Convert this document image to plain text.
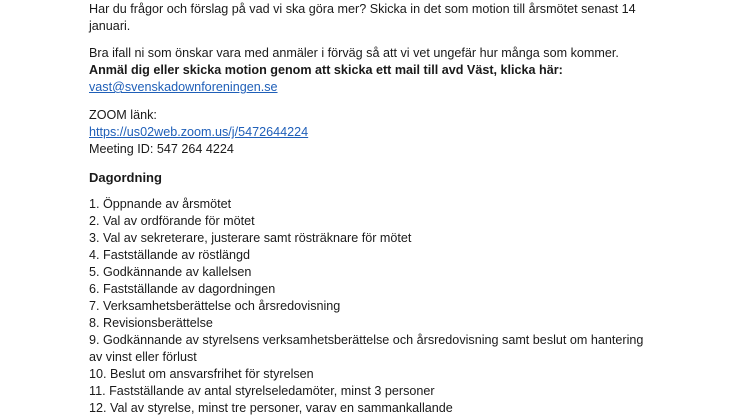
Har du frågor och förslag på vad vi ska göra mer? Skicka in det som motion till årsmötet senast 14

januari.

Bra ifall ni som önskar vara med anmäler i förväg så att vi vet ungefär hur många som kommer.

Anmäl dig eller skicka motion genom att skicka ett mail till avd Väst, klicka här:

vast@svenskadownforeningen.se

ZOOM länk:

https://us02web.zoom.us/j/5472644224

Meeting ID: 547 264 4224

Dagordning

1. Öppnande av årsmötet
2. Val av ordförande för mötet
3. Val av sekreterare, justerare samt rösträknare för mötet
4. Fastställande av röstlängd
5. Godkännande av kallelsen
6. Fastställande av dagordningen
7. Verksamhetsberättelse och årsredovisning
8. Revisionsberättelse
9. Godkännande av styrelsens verksamhetsberättelse och årsredovisning samt beslut om hantering av vinst eller förlust
10. Beslut om ansvarsfrihet för styrelsen
11. Fastställande av antal styrelseledamöter, minst 3 personer
12. Val av styrelse, minst tre personer, varav en sammankallande
